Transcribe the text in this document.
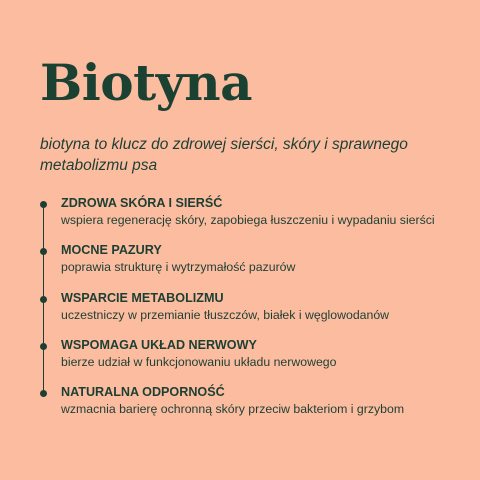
Biotyna

biotyna to klucz do zdrowej sierści, skóry i sprawnego metabolizmu psa

ZDROWA SKÓRA I SIERŚĆ

wspiera regenerację skóry, zapobiega łuszczeniu i wypadaniu sierści

MOCNE PAZURY

poprawia strukturę i wytrzymałość pazurów

WSPARCIE METABOLIZMU

uczestniczy w przemianie tłuszczów, białek i węglowodanów

WSPOMAGA UKŁAD NERWOWY

bierze udział w funkcjonowaniu układu nerwowego

NATURALNA ODPORNOŚĆ

wzmacnia barierę ochronną skóry przeciw bakteriom i grzybom
